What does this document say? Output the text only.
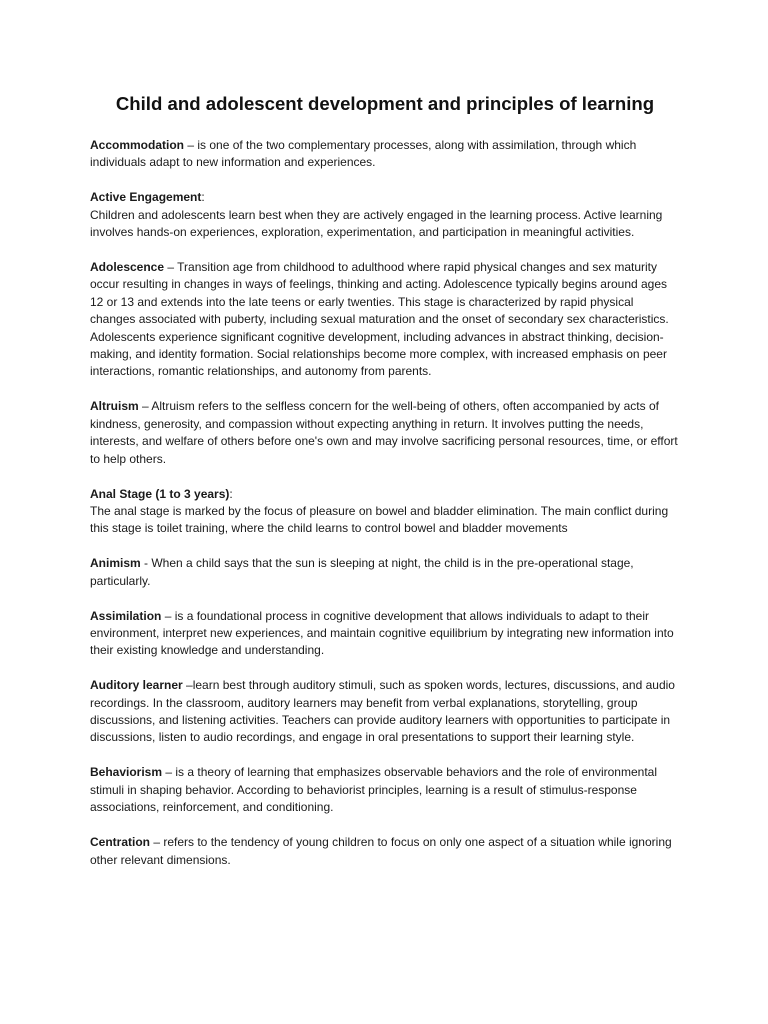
Child and adolescent development and principles of learning
Accommodation – is one of the two complementary processes, along with assimilation, through which individuals adapt to new information and experiences.
Active Engagement:

Children and adolescents learn best when they are actively engaged in the learning process. Active learning involves hands-on experiences, exploration, experimentation, and participation in meaningful activities.

Adolescence – Transition age from childhood to adulthood where rapid physical changes and sex maturity occur resulting in changes in ways of feelings, thinking and acting. Adolescence typically begins around ages 12 or 13 and extends into the late teens or early twenties. This stage is characterized by rapid physical changes associated with puberty, including sexual maturation and the onset of secondary sex characteristics. Adolescents experience significant cognitive development, including advances in abstract thinking, decision-making, and identity formation. Social relationships become more complex, with increased emphasis on peer interactions, romantic relationships, and autonomy from parents.
Altruism – Altruism refers to the selfless concern for the well-being of others, often accompanied by acts of kindness, generosity, and compassion without expecting anything in return. It involves putting the needs, interests, and welfare of others before one's own and may involve sacrificing personal resources, time, or effort to help others.
Anal Stage (1 to 3 years):

The anal stage is marked by the focus of pleasure on bowel and bladder elimination. The main conflict during this stage is toilet training, where the child learns to control bowel and bladder movements

Animism - When a child says that the sun is sleeping at night, the child is in the pre-operational stage, particularly.
Assimilation – is a foundational process in cognitive development that allows individuals to adapt to their environment, interpret new experiences, and maintain cognitive equilibrium by integrating new information into their existing knowledge and understanding.
Auditory learner –learn best through auditory stimuli, such as spoken words, lectures, discussions, and audio recordings. In the classroom, auditory learners may benefit from verbal explanations, storytelling, group discussions, and listening activities. Teachers can provide auditory learners with opportunities to participate in discussions, listen to audio recordings, and engage in oral presentations to support their learning style.
Behaviorism – is a theory of learning that emphasizes observable behaviors and the role of environmental stimuli in shaping behavior. According to behaviorist principles, learning is a result of stimulus-response associations, reinforcement, and conditioning.
Centration – refers to the tendency of young children to focus on only one aspect of a situation while ignoring other relevant dimensions.
